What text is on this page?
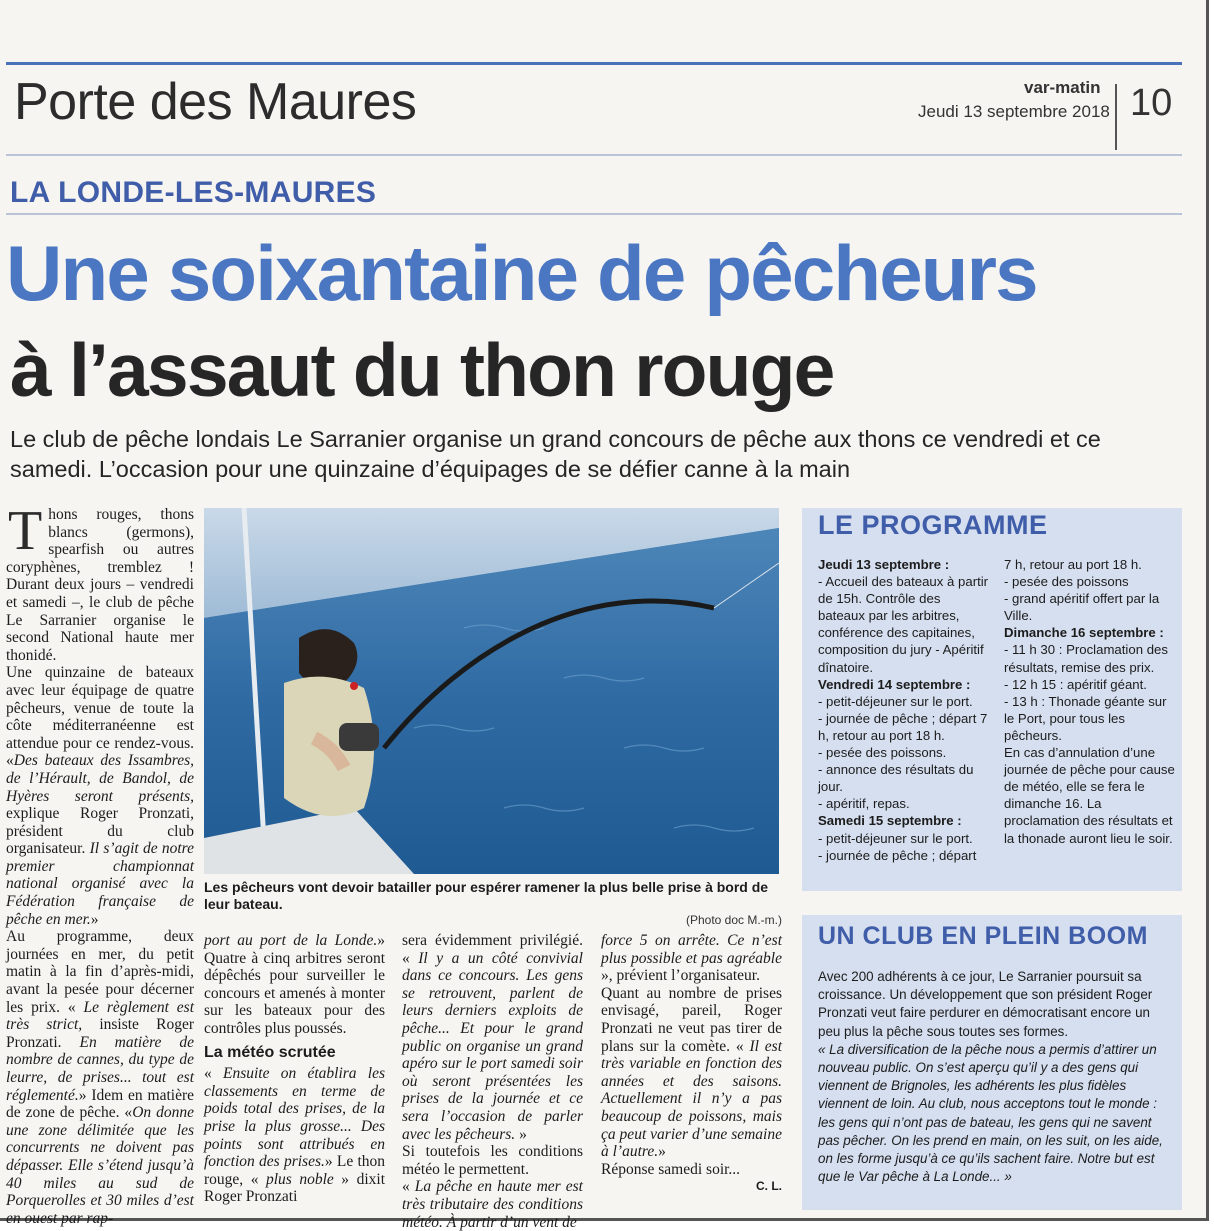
Porte des Maures	var-matin
Jeudi 13 septembre 2018 10
LA LONDE-LES-MAURES
Une soixantaine de pêcheurs
à l’assaut du thon rouge
Le club de pêche londais Le Sarranier organise un grand concours de pêche aux thons ce vendredi et ce samedi. L’occasion pour une quinzaine d’équipages de se défier canne à la main
T hons rouges, thons blancs (germons), spearfish ou autres coryphènes, tremblez ! Durant deux jours – vendredi et samedi –, le club de pêche Le Sarranier organise le second National haute mer thonidé.

Une quinzaine de bateaux avec leur équipage de quatre pêcheurs, venue de toute la côte méditerranéenne est attendue pour ce rendez-vous. «Des bateaux des Issambres, de l’Hérault, de Bandol, de Hyères seront présents, explique Roger Pronzati, président du club organisateur. Il s’agit de notre premier championnat national organisé avec la Fédération française de pêche en mer.»

Au programme, deux journées en mer, du petit matin à la fin d’après-midi, avant la pesée pour décerner les prix. « Le règlement est très strict, insiste Roger Pronzati. En matière de nombre de cannes, du type de leurre, de prises... tout est réglementé.» Idem en matière de zone de pêche. «On donne une zone délimitée que les concurrents ne doivent pas dépasser. Elle s’étend jusqu’à 40 miles au sud de Porquerolles et 30 miles d’est en ouest par rap-

Les pêcheurs vont devoir batailler pour espérer ramener la plus belle prise à bord de leur bateau.
(Photo doc M.-m.)

port au port de la Londe.» Quatre à cinq arbitres seront dépêchés pour surveiller le concours et amenés à monter sur les bateaux pour des contrôles plus poussés.

La météo scrutée

« Ensuite on établira les classements en terme de poids total des prises, de la prise la plus grosse... Des points sont attribués en fonction des prises.» Le thon rouge, « plus noble » dixit Roger Pronzati

sera évidemment privilégié. « Il y a un côté convivial dans ce concours. Les gens se retrouvent, parlent de leurs derniers exploits de pêche... Et pour le grand public on organise un grand apéro sur le port samedi soir où seront présentées les prises de la journée et ce sera l’occasion de parler avec les pêcheurs. »

Si toutefois les conditions météo le permettent.

« La pêche en haute mer est très tributaire des conditions météo. À partir d’un vent de

force 5 on arrête. Ce n’est plus possible et pas agréable », prévient l’organisateur.

Quant au nombre de prises envisagé, pareil, Roger Pronzati ne veut pas tirer de plans sur la comète. « Il est très variable en fonction des années et des saisons. Actuellement il n’y a pas beaucoup de poissons, mais ça peut varier d’une semaine à l’autre.»

Réponse samedi soir...

C. L.

LE PROGRAMME

Jeudi 13 septembre :

- Accueil des bateaux à partir de 15h. Contrôle des bateaux par les arbitres, conférence des capitaines, composition du jury - Apéritif dînatoire.

Vendredi 14 septembre :

- petit-déjeuner sur le port.

- journée de pêche ; départ 7 h, retour au port 18 h.

- pesée des poissons.

- annonce des résultats du jour.

- apéritif, repas.

Samedi 15 septembre :

- petit-déjeuner sur le port.

- journée de pêche ; départ

7 h, retour au port 18 h.

- pesée des poissons

- grand apéritif offert par la Ville.

Dimanche 16 septembre :

- 11 h 30 : Proclamation des résultats, remise des prix.

- 12 h 15 : apéritif géant.

- 13 h : Thonade géante sur le Port, pour tous les pêcheurs.

En cas d’annulation d’une journée de pêche pour cause de météo, elle se fera le dimanche 16. La proclamation des résultats et la thonade auront lieu le soir.

UN CLUB EN PLEIN BOOM

Avec 200 adhérents à ce jour, Le Sarranier poursuit sa croissance. Un développement que son président Roger Pronzati veut faire perdurer en démocratisant encore un peu plus la pêche sous toutes ses formes.

« La diversification de la pêche nous a permis d’attirer un nouveau public. On s’est aperçu qu’il y a des gens qui viennent de Brignoles, les adhérents les plus fidèles viennent de loin. Au club, nous acceptons tout le monde : les gens qui n’ont pas de bateau, les gens qui ne savent pas pêcher. On les prend en main, on les suit, on les aide, on les forme jusqu’à ce qu’ils sachent faire. Notre but est que le Var pêche à La Londe... »
